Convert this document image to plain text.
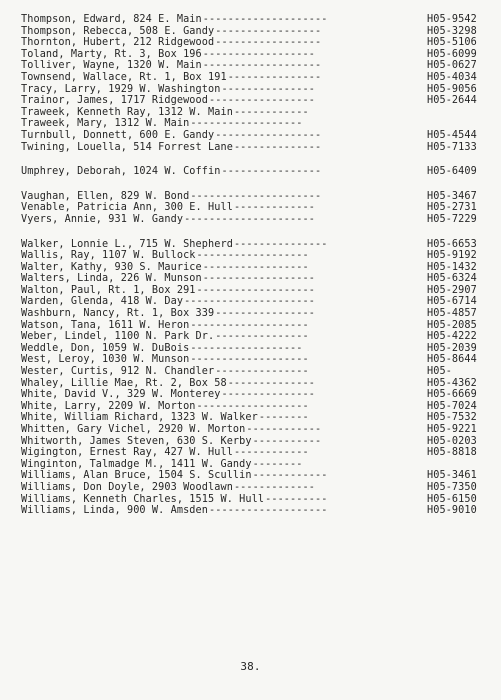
Thompson, Edward, 824 E. Main --------------------	H05-9542
Thompson, Rebecca, 508 E. Gandy -----------------	H05-3298
Thornton, Hubert, 212 Ridgewood -----------------	H05-5106
Toland, Marty, Rt. 3, Box 196 ------------------	H05-6099
Tolliver, Wayne, 1320 W. Main -------------------	H05-0627
Townsend, Wallace, Rt. 1, Box 191 ---------------	H05-4034
Tracy, Larry, 1929 W. Washington ---------------	H05-9056
Trainor, James, 1717 Ridgewood -----------------	H05-2644
Traweek, Kenneth Ray, 1312 W. Main ------------
Traweek, Mary, 1312 W. Main ------------------
Turnbull, Donnett, 600 E. Gandy -----------------	H05-4544
Twining, Louella, 514 Forrest Lane --------------	H05-7133
Umphrey, Deborah, 1024 W. Coffin ----------------	H05-6409
Vaughan, Ellen, 829 W. Bond ---------------------	H05-3467
Venable, Patricia Ann, 300 E. Hull -------------	H05-2731
Vyers, Annie, 931 W. Gandy ---------------------	H05-7229
Walker, Lonnie L., 715 W. Shepherd ---------------	H05-6653
Wallis, Ray, 1107 W. Bullock ------------------	H05-9192
Walter, Kathy, 930 S. Maurice -----------------	H05-1432
Walters, Linda, 226 W. Munson ------------------	H05-6324
Walton, Paul, Rt. 1, Box 291 -------------------	H05-2907
Warden, Glenda, 418 W. Day ---------------------	H05-6714
Washburn, Nancy, Rt. 1, Box 339 ----------------	H05-4857
Watson, Tana, 1611 W. Heron -------------------	H05-2085
Weber, Lindel, 1100 N. Park Dr. ---------------	H05-4222
Weddle, Don, 1059 W. DuBois ------------------	H05-2039
West, Leroy, 1030 W. Munson -------------------	H05-8644
Wester, Curtis, 912 N. Chandler ---------------	H05-
Whaley, Lillie Mae, Rt. 2, Box 58 --------------	H05-4362
White, David V., 329 W. Monterey ---------------	H05-6669
White, Larry, 2209 W. Morton ------------------	H05-7024
White, William Richard, 1323 W. Walker --------	H05-7532
Whitten, Gary Vichel, 2920 W. Morton ------------	H05-9221
Whitworth, James Steven, 630 S. Kerby -----------	H05-0203
Wigington, Ernest Ray, 427 W. Hull ------------	H05-8818
Winginton, Talmadge M., 1411 W. Gandy --------
Williams, Alan Bruce, 1504 S. Scullin ------------	H05-3461
Williams, Don Doyle, 2903 Woodlawn -------------	H05-7350
Williams, Kenneth Charles, 1515 W. Hull ----------	H05-6150
Williams, Linda, 900 W. Amsden -------------------	H05-9010
38.
